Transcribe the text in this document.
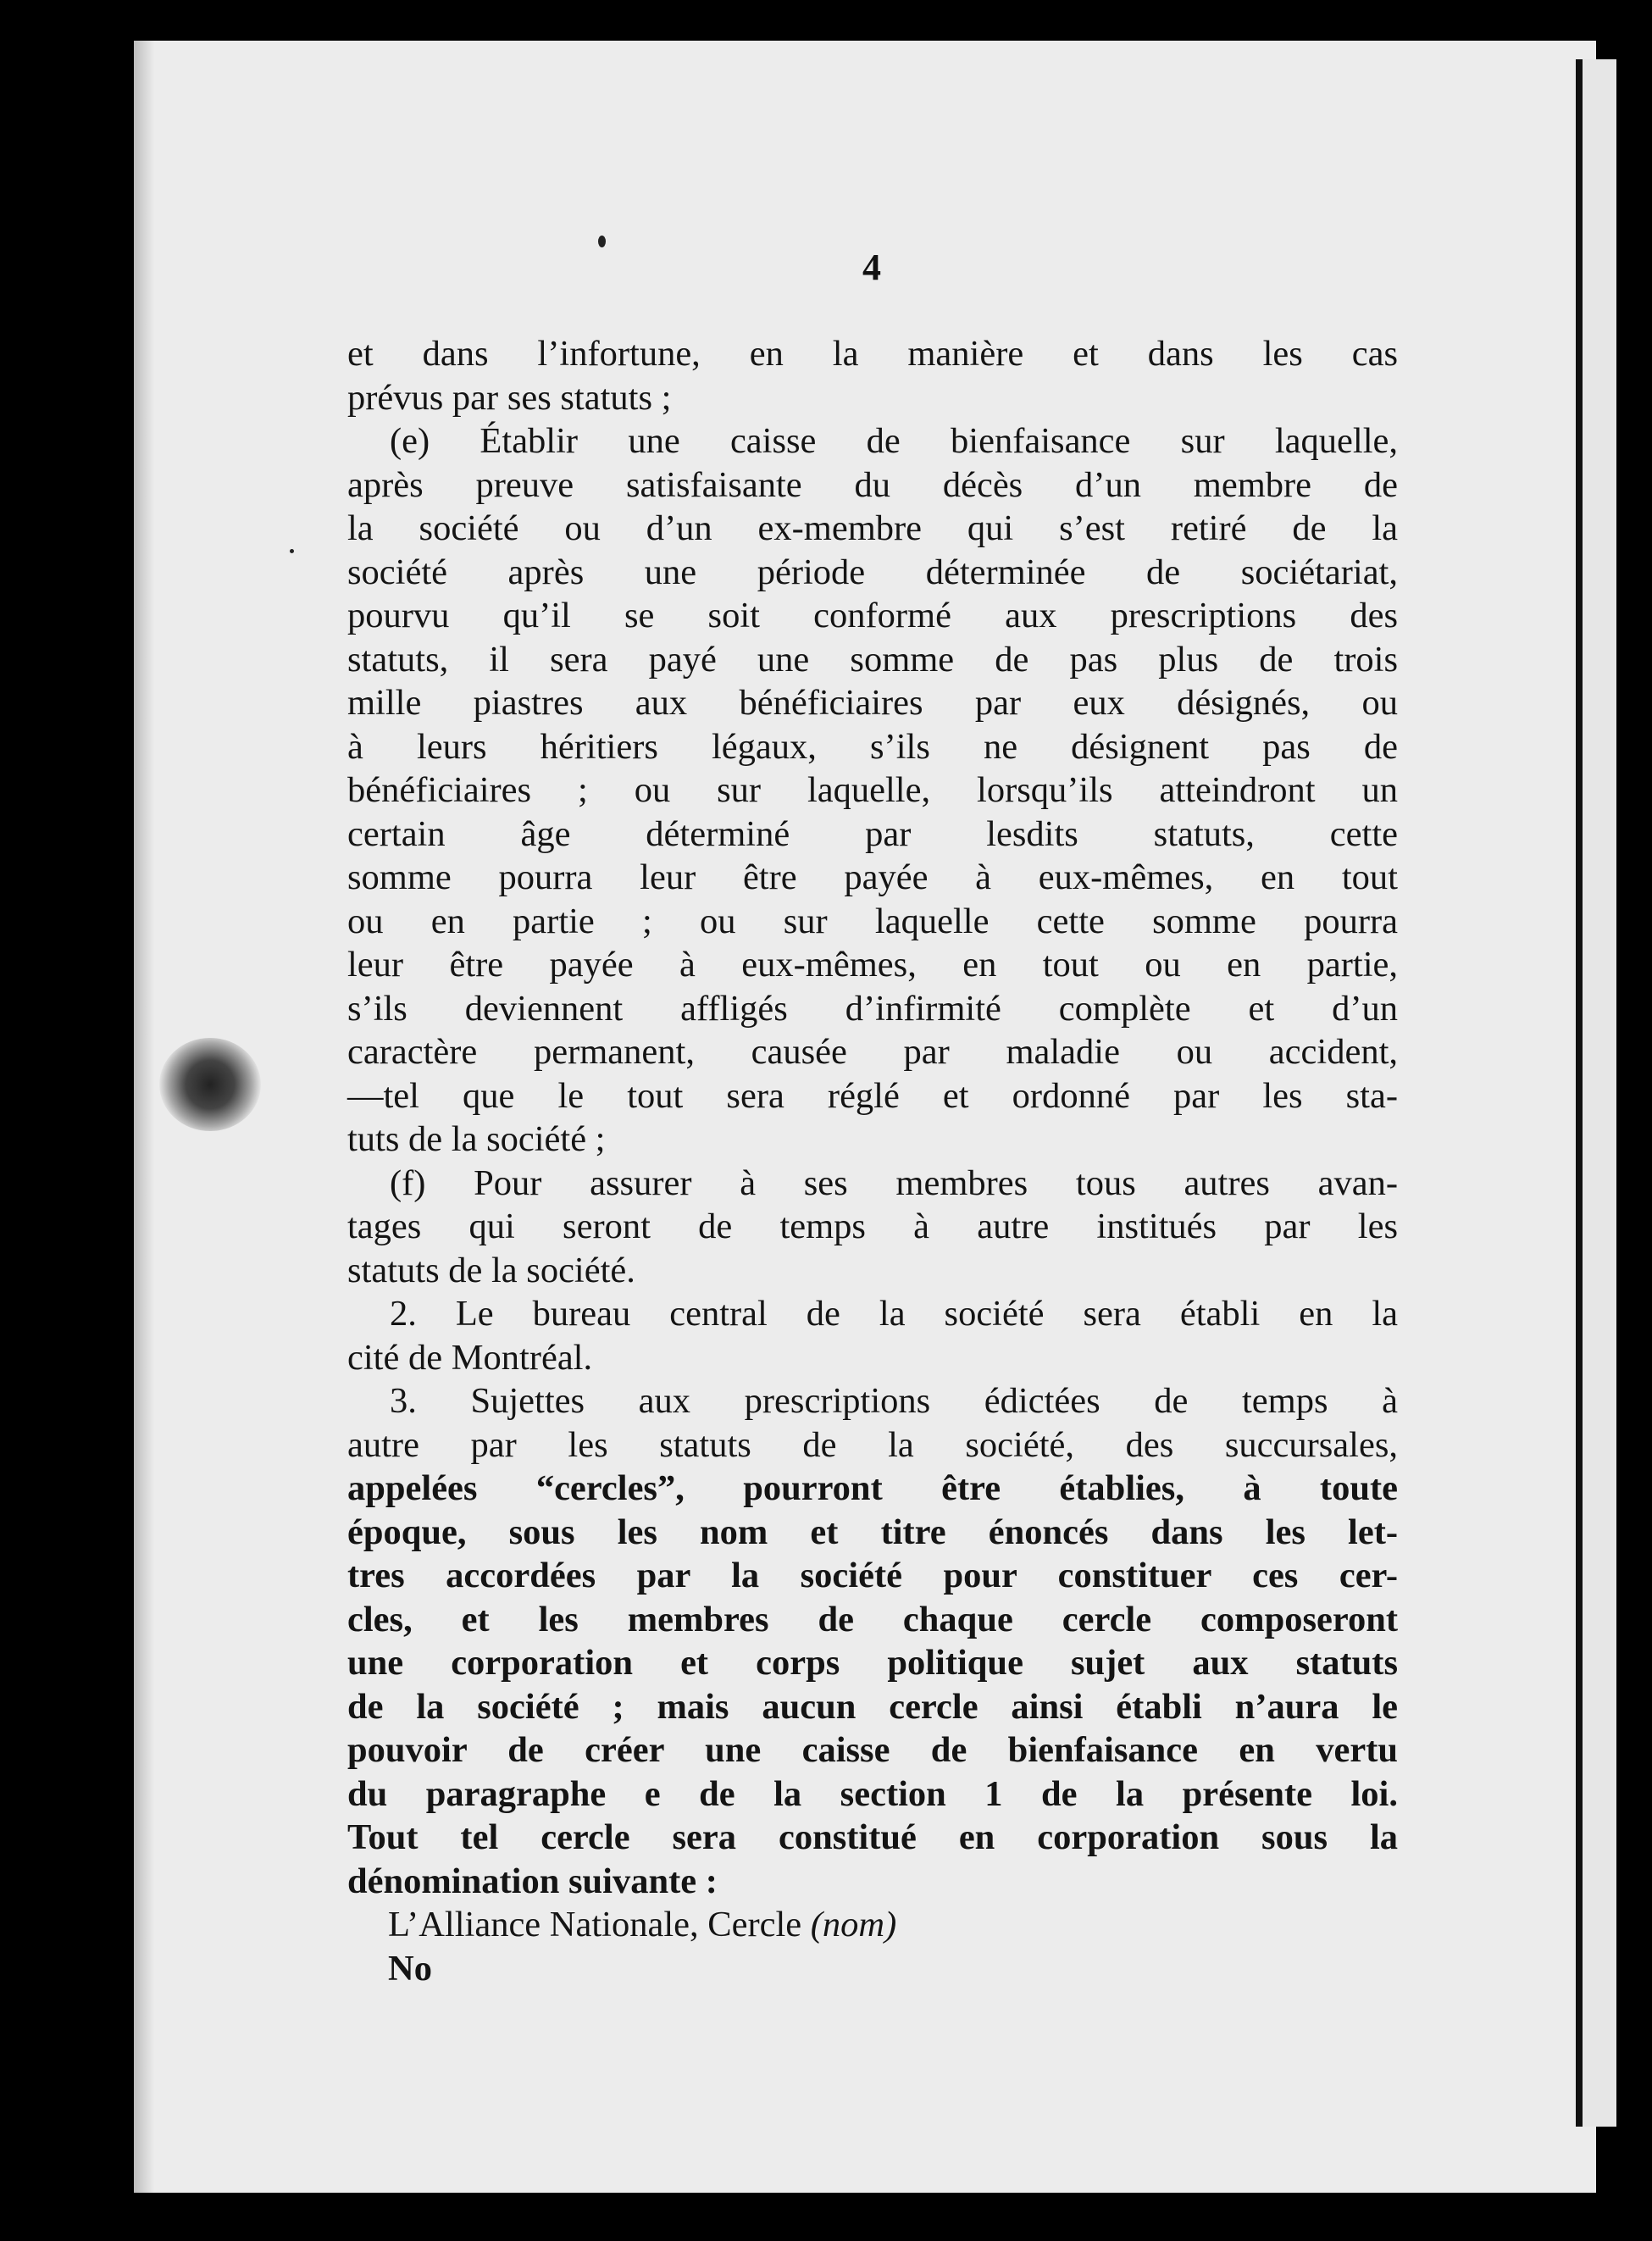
4
et dans l’infortune, en la manière et dans les cas
prévus par ses statuts ;
(e) Établir une caisse de bienfaisance sur laquelle,
après preuve satisfaisante du décès d’un membre de
la société ou d’un ex-membre qui s’est retiré de la
société après une période déterminée de sociétariat,
pourvu qu’il se soit conformé aux prescriptions des
statuts, il sera payé une somme de pas plus de trois
mille piastres aux bénéficiaires par eux désignés, ou
à leurs héritiers légaux, s’ils ne désignent pas de
bénéficiaires ; ou sur laquelle, lorsqu’ils atteindront un
certain âge déterminé par lesdits statuts, cette
somme pourra leur être payée à eux-mêmes, en tout
ou en partie ; ou sur laquelle cette somme pourra
leur être payée à eux-mêmes, en tout ou en partie,
s’ils deviennent affligés d’infirmité complète et d’un
caractère permanent, causée par maladie ou accident,
—tel que le tout sera réglé et ordonné par les sta-
tuts de la société ;
(f) Pour assurer à ses membres tous autres avan-
tages qui seront de temps à autre institués par les
statuts de la société.
2. Le bureau central de la société sera établi en la
cité de Montréal.
3. Sujettes aux prescriptions édictées de temps à
autre par les statuts de la société, des succursales,
appelées “cercles”, pourront être établies, à toute
époque, sous les nom et titre énoncés dans les let-
tres accordées par la société pour constituer ces cer-
cles, et les membres de chaque cercle composeront
une corporation et corps politique sujet aux statuts
de la société ; mais aucun cercle ainsi établi n’aura le
pouvoir de créer une caisse de bienfaisance en vertu
du paragraphe e de la section 1 de la présente loi.
Tout tel cercle sera constitué en corporation sous la
dénomination suivante :
L’Alliance Nationale, Cercle (nom)
No
